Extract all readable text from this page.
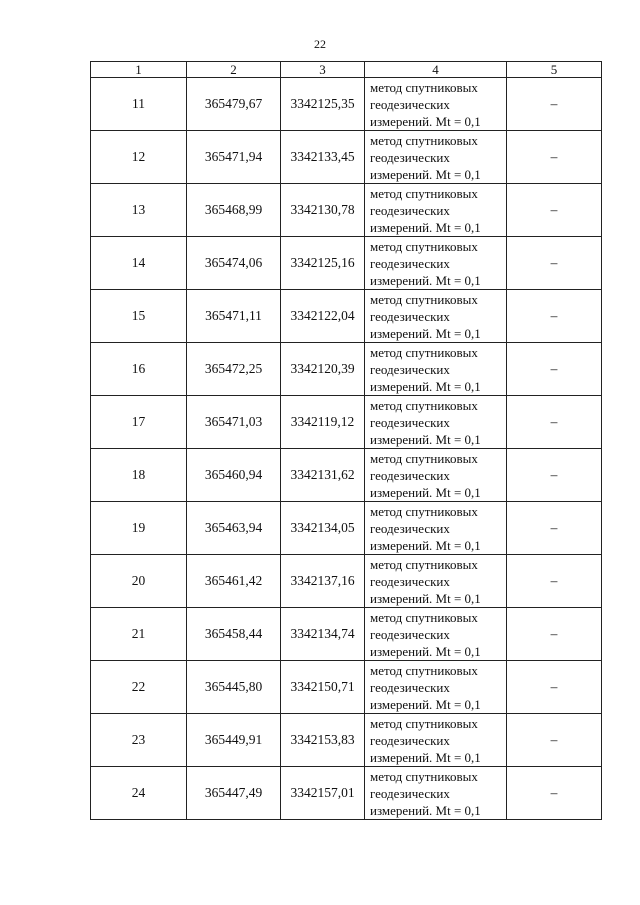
22
1	2	3	4	5
11	365479,67	3342125,35	метод спутниковых
геодезических
измерений. Mt = 0,1	–
12	365471,94	3342133,45	метод спутниковых
геодезических
измерений. Mt = 0,1	–
13	365468,99	3342130,78	метод спутниковых
геодезических
измерений. Mt = 0,1	–
14	365474,06	3342125,16	метод спутниковых
геодезических
измерений. Mt = 0,1	–
15	365471,11	3342122,04	метод спутниковых
геодезических
измерений. Mt = 0,1	–
16	365472,25	3342120,39	метод спутниковых
геодезических
измерений. Mt = 0,1	–
17	365471,03	3342119,12	метод спутниковых
геодезических
измерений. Mt = 0,1	–
18	365460,94	3342131,62	метод спутниковых
геодезических
измерений. Mt = 0,1	–
19	365463,94	3342134,05	метод спутниковых
геодезических
измерений. Mt = 0,1	–
20	365461,42	3342137,16	метод спутниковых
геодезических
измерений. Mt = 0,1	–
21	365458,44	3342134,74	метод спутниковых
геодезических
измерений. Mt = 0,1	–
22	365445,80	3342150,71	метод спутниковых
геодезических
измерений. Mt = 0,1	–
23	365449,91	3342153,83	метод спутниковых
геодезических
измерений. Mt = 0,1	–
24	365447,49	3342157,01	метод спутниковых
геодезических
измерений. Mt = 0,1	–
